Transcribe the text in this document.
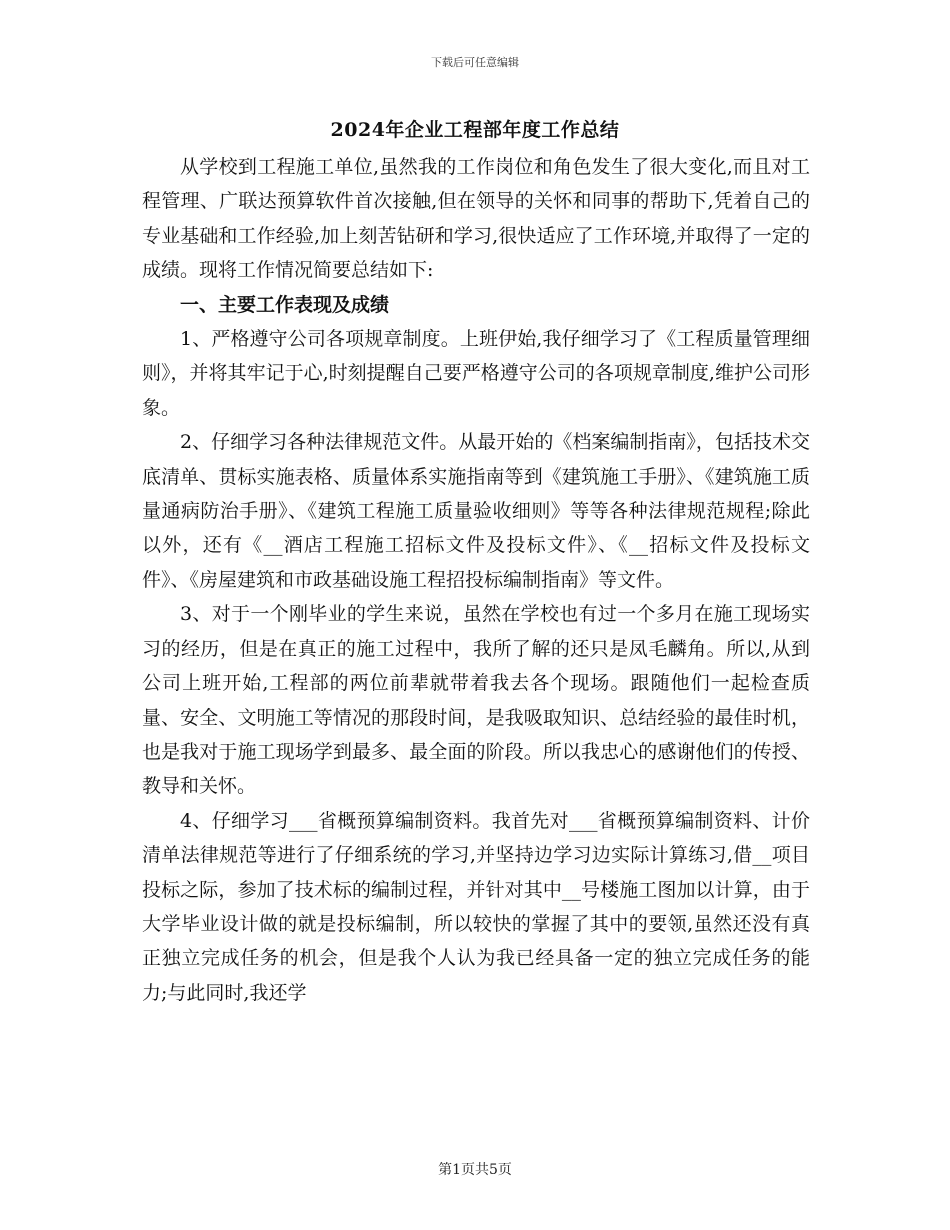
下载后可任意编辑
2024年企业工程部年度工作总结

从学校到工程施工单位,虽然我的工作岗位和角色发生了很大变化,而且对工程管理、广联达预算软件首次接触,但在领导的关怀和同事的帮助下,凭着自己的专业基础和工作经验,加上刻苦钻研和学习,很快适应了工作环境,并取得了一定的成绩。现将工作情况简要总结如下:

一、主要工作表现及成绩

1、严格遵守公司各项规章制度。上班伊始,我仔细学习了《工程质量管理细则》，并将其牢记于心,时刻提醒自己要严格遵守公司的各项规章制度,维护公司形象。

2、仔细学习各种法律规范文件。从最开始的《档案编制指南》，包括技术交底清单、贯标实施表格、质量体系实施指南等到《建筑施工手册》、《建筑施工质量通病防治手册》、《建筑工程施工质量验收细则》等等各种法律规范规程;除此以外，还有《__酒店工程施工招标文件及投标文件》、《__招标文件及投标文件》、《房屋建筑和市政基础设施工程招投标编制指南》等文件。

3、对于一个刚毕业的学生来说，虽然在学校也有过一个多月在施工现场实习的经历，但是在真正的施工过程中，我所了解的还只是凤毛麟角。所以,从到公司上班开始,工程部的两位前辈就带着我去各个现场。跟随他们一起检查质量、安全、文明施工等情况的那段时间，是我吸取知识、总结经验的最佳时机，也是我对于施工现场学到最多、最全面的阶段。所以我忠心的感谢他们的传授、教导和关怀。

4、仔细学习___省概预算编制资料。我首先对___省概预算编制资料、计价清单法律规范等进行了仔细系统的学习,并坚持边学习边实际计算练习,借__项目投标之际，参加了技术标的编制过程，并针对其中__号楼施工图加以计算，由于大学毕业设计做的就是投标编制，所以较快的掌握了其中的要领,虽然还没有真正独立完成任务的机会，但是我个人认为我已经具备一定的独立完成任务的能力;与此同时,我还学

第1页共5页
